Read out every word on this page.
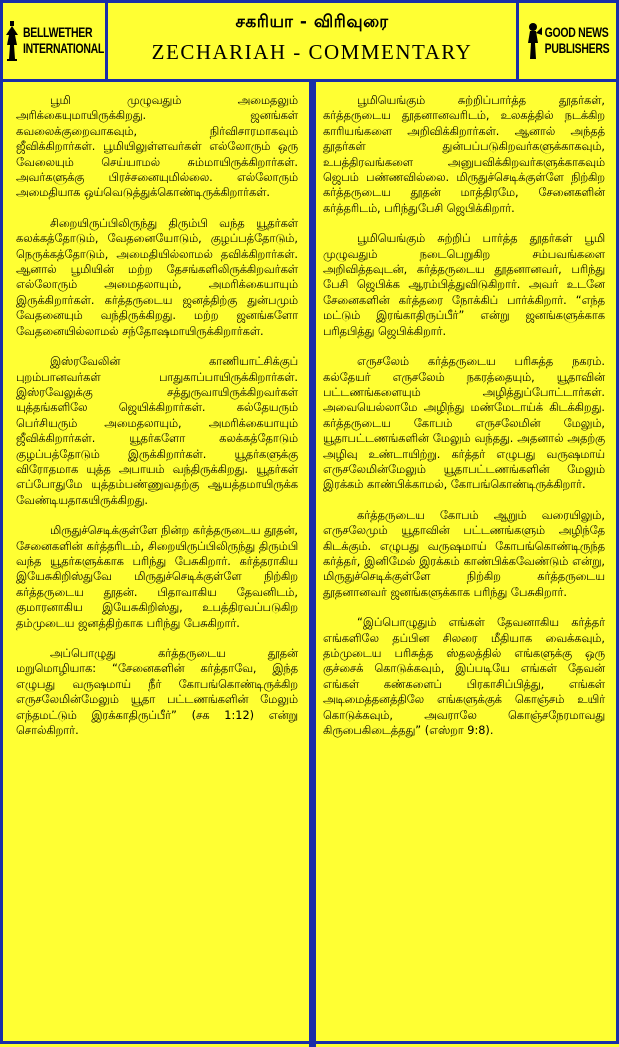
BELLWETHER
INTERNATIONAL
சகரியா - விரிவுரை
ZECHARIAH - COMMENTARY
GOOD NEWS
PUBLISHERS

பூமி முழுவதும் அமைதலும் அரிக்கையுமாயிருக்கிறது. ஜனங்கள் கவலைக்குறைவாகவும், நிர்விசாரமாகவும் ஜீவிக்கிறார்கள். பூமியிலுள்ளவர்கள் எல்லோரும் ஒரு வேலையும் செய்யாமல் சும்மாயிருக்கிறார்கள். அவர்களுக்கு பிரச்சனையுமில்லை. எல்லோரும் அமைதியாக ஒய்வெடுத்துக்கொண்டிருக்கிறார்கள்.

சிறையிருப்பிலிருந்து திரும்பி வந்த யூதர்கள் கலக்கத்தோடும், வேதனையோடும், குழப்பத்தோடும், நெருக்கத்தோடும், அமைதியில்லாமல் தவிக்கிறார்கள். ஆனால் பூமியின் மற்ற தேசங்களிலிருக்கிறவர்கள் எல்லோரும் அமைதலாயும், அமரிக்கையாயும் இருக்கிறார்கள். கர்த்தருடைய ஜனத்திற்கு துன்பமும் வேதனையும் வந்திருக்கிறது. மற்ற ஜனங்களோ வேதனையில்லாமல் சந்தோஷமாயிருக்கிறார்கள்.

இஸ்ரவேலின் காணியாட்சிக்குப் புறம்பானவர்கள் பாதுகாப்பாயிருக்கிறார்கள். இஸ்ரவேலுக்கு சத்துருவாயிருக்கிறவர்கள் யுத்தங்களிலே ஜெயிக்கிறார்கள். கல்தேயரும் பெர்சியரும் அமைதலாயும், அமரிக்கையாயும் ஜீவிக்கிறார்கள். யூதர்களோ கலக்கத்தோடும் குழப்பத்தோடும் இருக்கிறார்கள். யூதர்களுக்கு விரோதமாக யுத்த அபாயம் வந்திருக்கிறது. யூதர்கள் எப்போதுமே யுத்தம்பண்ணுவதற்கு ஆயத்தமாயிருக்க வேண்டியதாகயிருக்கிறது.

மிருதுச்செடிக்குள்ளே நின்ற கர்த்தருடைய தூதன், சேனைகளின் கர்த்தரிடம், சிறையிருப்பிலிருந்து திரும்பி வந்த யூதர்களுக்காக பரிந்து பேசுகிறார். கர்த்தராகிய இயேசுகிறிஸ்துவே மிருதுச்செடிக்குள்ளே நிற்கிற கர்த்தருடைய தூதன். பிதாவாகிய தேவனிடம், குமாரனாகிய இயேசுகிறிஸ்து, உபத்திரவப்படுகிற தம்முடைய ஜனத்திற்காக பரிந்து பேசுகிறார்.

அப்பொழுது கர்த்தருடைய தூதன் மறுமொழியாக: “சேனைகளின் கர்த்தாவே, இந்த எழுபது வருஷமாய் நீர் கோபங்கொண்டிருக்கிற எருசலேமின்மேலும் யூதா பட்டணங்களின் மேலும் எந்தமட்டும் இரக்காதிருப்பீர்” (சக 1:12) என்று சொல்கிறார்.

பூமியெங்கும் சுற்றிப்பார்த்த தூதர்கள், கர்த்தருடைய தூதனானவரிடம், உலகத்தில் நடக்கிற காரியங்களை அறிவிக்கிறார்கள். ஆனால் அந்தத் தூதர்கள் துன்பப்படுகிறவர்களுக்காகவும், உபத்திரவங்களை அனுபவிக்கிறவர்களுக்காகவும் ஜெபம் பண்ணவில்லை. மிருதுச்செடிக்குள்ளே நிற்கிற கர்த்தருடைய தூதன் மாத்திரமே, சேனைகளின் கர்த்தரிடம், பரிந்துபேசி ஜெபிக்கிறார்.

பூமியெங்கும் சுற்றிப் பார்த்த தூதர்கள் பூமி முழுவதும் நடைபெறுகிற சம்பவங்களை அறிவித்தவுடன், கர்த்தருடைய தூதனானவர், பரிந்து பேசி ஜெபிக்க ஆரம்பித்துவிடுகிறார். அவர் உடனே சேனைகளின் கர்த்தரை நோக்கிப் பார்க்கிறார். “எந்த மட்டும் இரங்காதிருப்பீர்” என்று ஜனங்களுக்காக பரிதபித்து ஜெபிக்கிறார்.

எருசலேம் கர்த்தருடைய பரிசுத்த நகரம். கல்தேயர் எருசலேம் நகரத்தையும், யூதாவின் பட்டணங்களையும் அழித்துப்போட்டார்கள். அவையெல்லாமே அழிந்து மண்மேடாய்க் கிடக்கிறது. கர்த்தருடைய கோபம் எருசலேமின் மேலும், யூதாபட்டணங்களின் மேலும் வந்தது. அதனால் அதற்கு அழிவு உண்டாயிற்று. கர்த்தர் எழுபது வருஷமாய் எருசலேமின்மேலும் யூதாபட்டணங்களின் மேலும் இரக்கம் காண்பிக்காமல், கோபங்கொண்டிருக்கிறார்.

கர்த்தருடைய கோபம் ஆறும் வரையிலும், எருசலேமும் யூதாவின் பட்டணங்களும் அழிந்தே கிடக்கும். எழுபது வருஷமாய் கோபங்கொண்டிருந்த கர்த்தர், இனிமேல் இரக்கம் காண்பிக்கவேண்டும் என்று, மிருதுச்செடிக்குள்ளே நிற்கிற கர்த்தருடைய தூதனானவர் ஜனங்களுக்காக பரிந்து பேசுகிறார்.

“இப்பொழுதும் எங்கள் தேவனாகிய கர்த்தர் எங்களிலே தப்பின சிலரை மீதியாக வைக்கவும், தம்முடைய பரிசுத்த ஸ்தலத்தில் எங்களுக்கு ஒரு குச்சைக் கொடுக்கவும், இப்படியே எங்கள் தேவன் எங்கள் கண்களைப் பிரகாசிப்பித்து, எங்கள் அடிமைத்தனத்திலே எங்களுக்குக் கொஞ்சம் உயிர் கொடுக்கவும், அவராலே கொஞ்சநேரமாவது கிருபைகிடைத்தது” (எஸ்றா 9:8).
